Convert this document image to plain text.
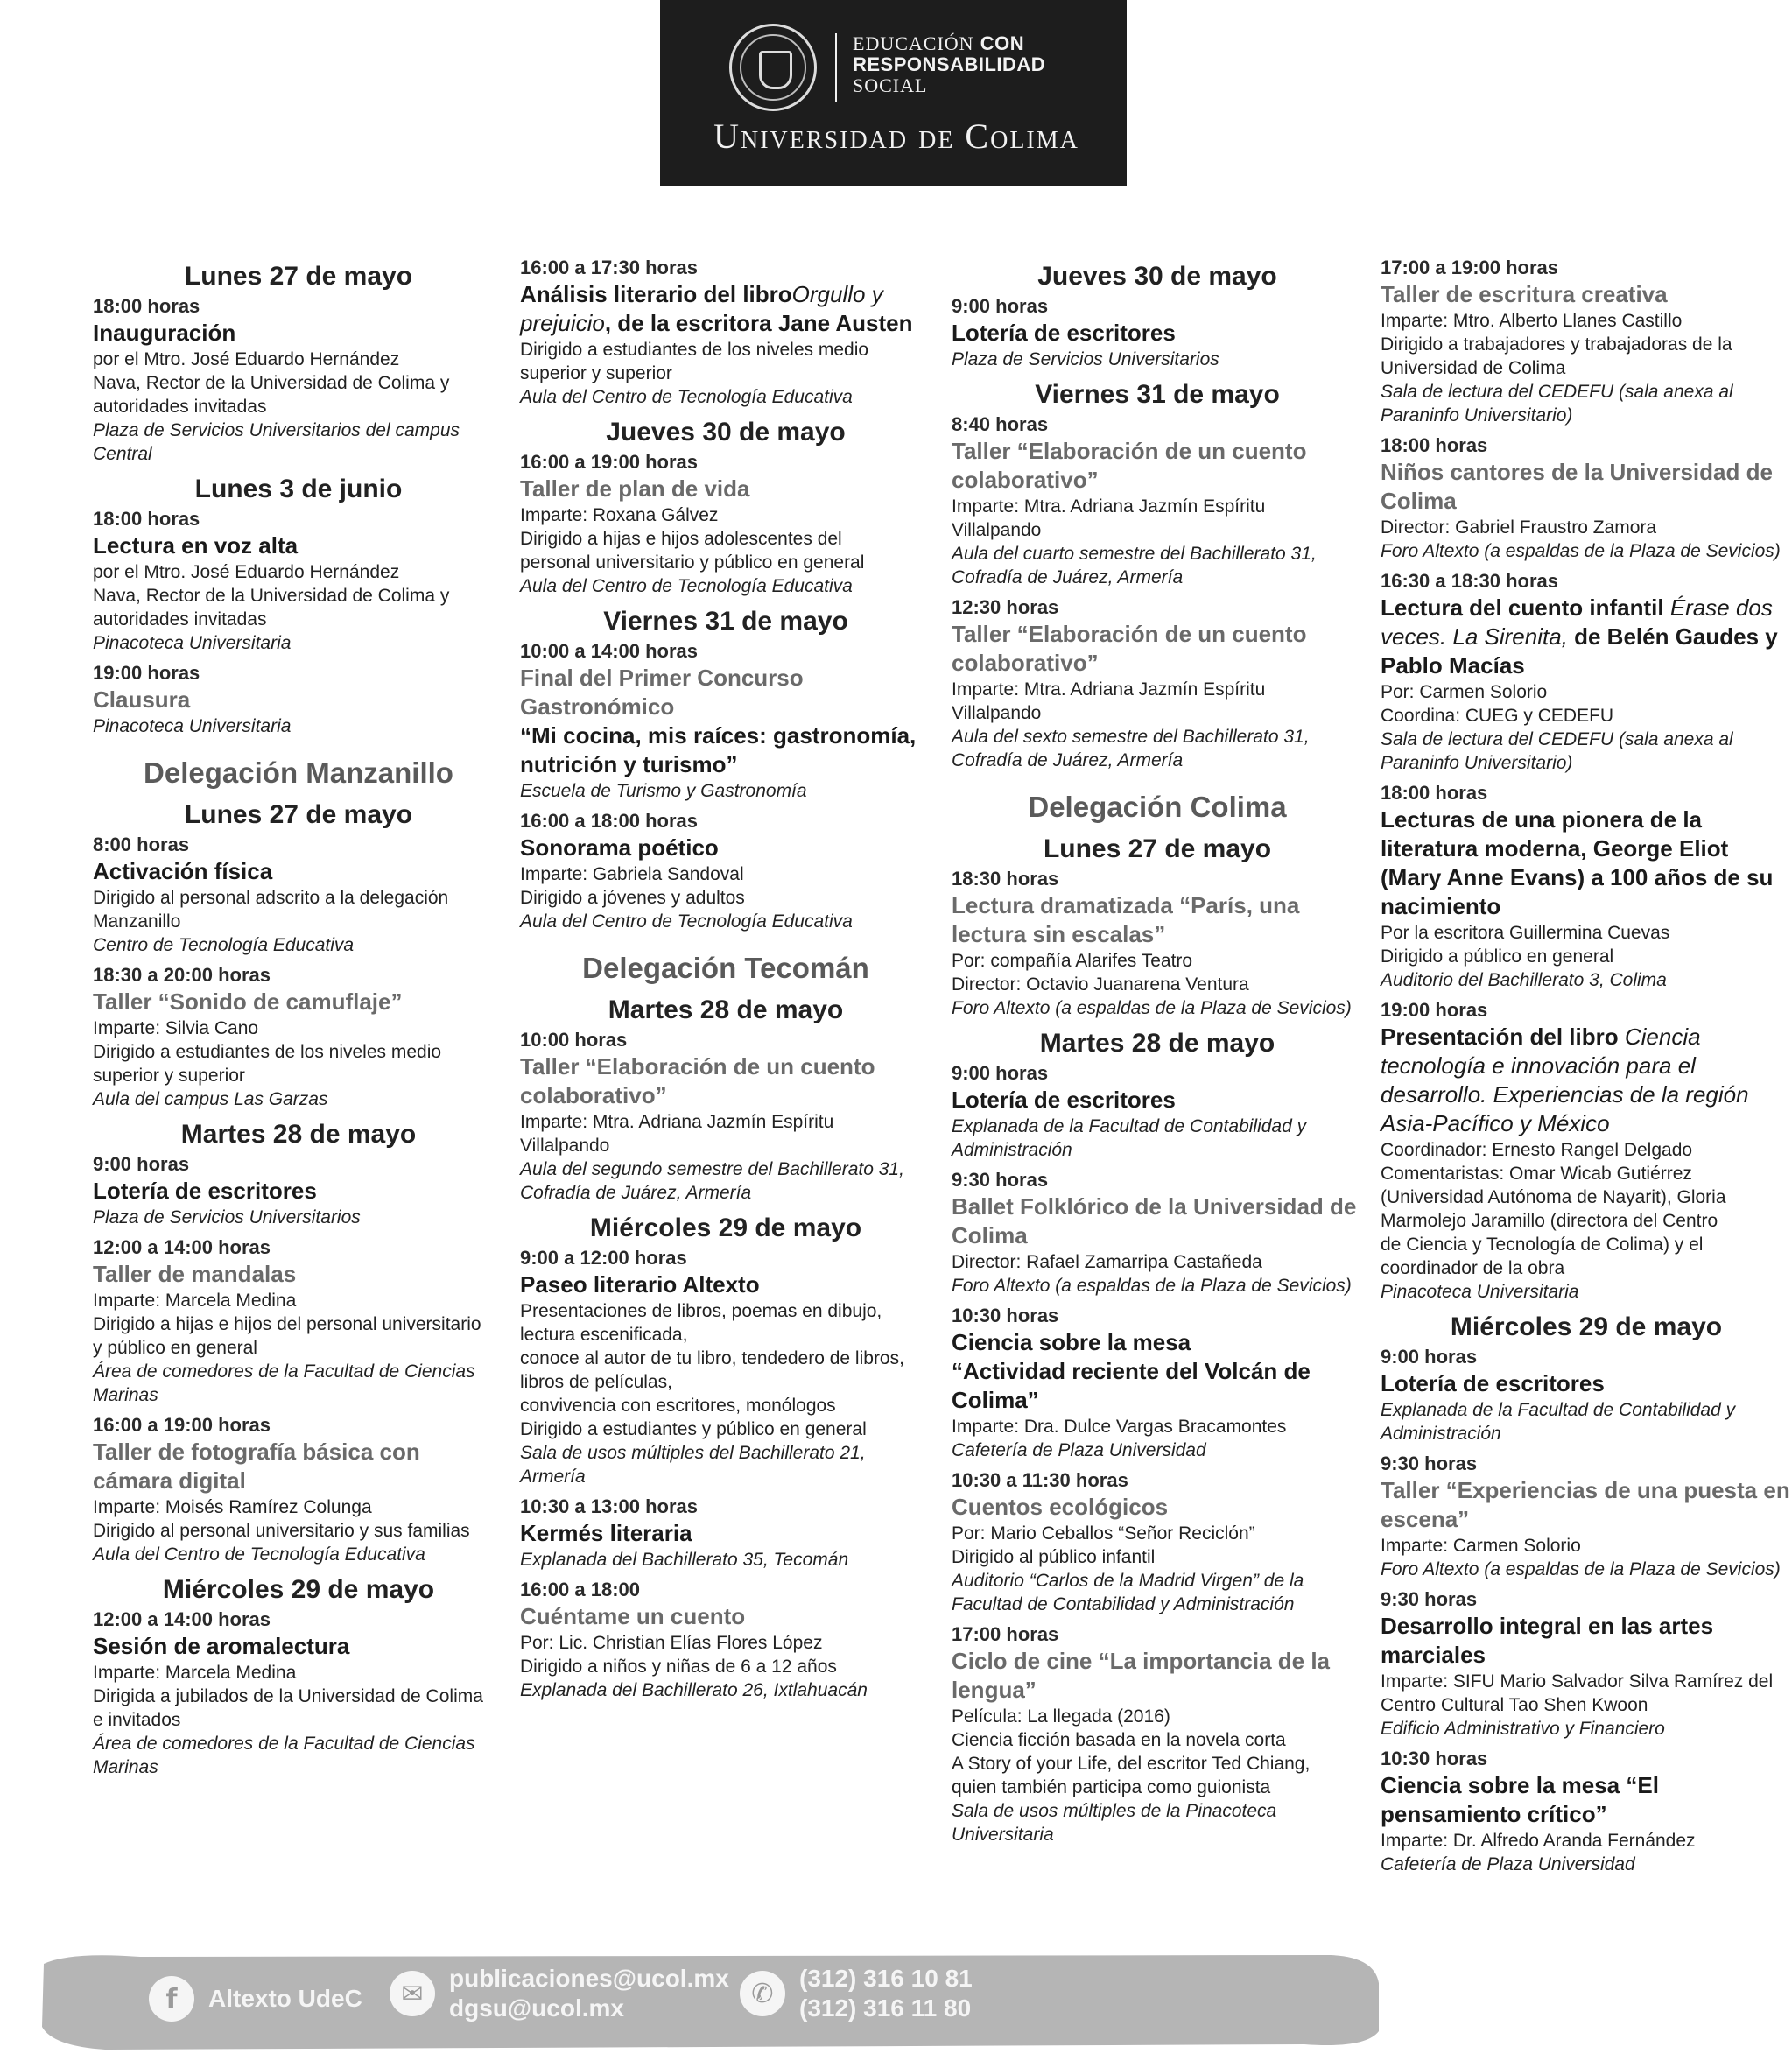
EDUCACIÓN CON
RESPONSABILIDAD
SOCIAL
Universidad de Colima
Lunes 27 de mayo
18:00 horas
Inauguración
por el Mtro. José Eduardo Hernández
Nava, Rector de la Universidad de Colima y
autoridades invitadas
Plaza de Servicios Universitarios del campus
Central
Lunes 3 de junio
18:00 horas
Lectura en voz alta
por el Mtro. José Eduardo Hernández
Nava, Rector de la Universidad de Colima y
autoridades invitadas
Pinacoteca Universitaria
19:00 horas
Clausura
Pinacoteca Universitaria
Delegación Manzanillo
Lunes 27 de mayo
8:00 horas
Activación física
Dirigido al personal adscrito a la delegación
Manzanillo
Centro de Tecnología Educativa
18:30 a 20:00 horas
Taller “Sonido de camuflaje”
Imparte: Silvia Cano
Dirigido a estudiantes de los niveles medio
superior y superior
Aula del campus Las Garzas
Martes 28 de mayo
9:00 horas
Lotería de escritores
Plaza de Servicios Universitarios
12:00 a 14:00 horas
Taller de mandalas
Imparte: Marcela Medina
Dirigido a hijas e hijos del personal universitario
y público en general
Área de comedores de la Facultad de Ciencias
Marinas
16:00 a 19:00 horas
Taller de fotografía básica con cámara digital
Imparte: Moisés Ramírez Colunga
Dirigido al personal universitario y sus familias
Aula del Centro de Tecnología Educativa
Miércoles 29 de mayo
12:00 a 14:00 horas
Sesión de aromalectura
Imparte: Marcela Medina
Dirigida a jubilados de la Universidad de Colima
e invitados
Área de comedores de la Facultad de Ciencias
Marinas
16:00 a 17:30 horas
Análisis literario del libroOrgullo y prejuicio, de la escritora Jane Austen
Dirigido a estudiantes de los niveles medio
superior y superior
Aula del Centro de Tecnología Educativa
Jueves 30 de mayo
16:00 a 19:00 horas
Taller de plan de vida
Imparte: Roxana Gálvez
Dirigido a hijas e hijos adolescentes del
personal universitario y público en general
Aula del Centro de Tecnología Educativa
Viernes 31 de mayo
10:00 a 14:00 horas
Final del Primer Concurso Gastronómico
“Mi cocina, mis raíces: gastronomía, nutrición y turismo”
Escuela de Turismo y Gastronomía
16:00 a 18:00 horas
Sonorama poético
Imparte: Gabriela Sandoval
Dirigido a jóvenes y adultos
Aula del Centro de Tecnología Educativa
Delegación Tecomán
Martes 28 de mayo
10:00 horas
Taller “Elaboración de un cuento colaborativo”
Imparte: Mtra. Adriana Jazmín Espíritu
Villalpando
Aula del segundo semestre del Bachillerato 31,
Cofradía de Juárez, Armería
Miércoles 29 de mayo
9:00 a 12:00 horas
Paseo literario Altexto
Presentaciones de libros, poemas en dibujo,
lectura escenificada,
conoce al autor de tu libro, tendedero de libros,
libros de películas,
convivencia con escritores, monólogos
Dirigido a estudiantes y público en general
Sala de usos múltiples del Bachillerato 21, Armería
10:30 a 13:00 horas
Kermés literaria
Explanada del Bachillerato 35, Tecomán
16:00 a 18:00
Cuéntame un cuento
Por: Lic. Christian Elías Flores López
Dirigido a niños y niñas de 6 a 12 años
Explanada del Bachillerato 26, Ixtlahuacán
Jueves 30 de mayo
9:00 horas
Lotería de escritores
Plaza de Servicios Universitarios
Viernes 31 de mayo
8:40 horas
Taller “Elaboración de un cuento colaborativo”
Imparte: Mtra. Adriana Jazmín Espíritu
Villalpando
Aula del cuarto semestre del Bachillerato 31,
Cofradía de Juárez, Armería
12:30 horas
Taller “Elaboración de un cuento colaborativo”
Imparte: Mtra. Adriana Jazmín Espíritu
Villalpando
Aula del sexto semestre del Bachillerato 31,
Cofradía de Juárez, Armería
Delegación Colima
Lunes 27 de mayo
18:30 horas
Lectura dramatizada “París, una lectura sin escalas”
Por: compañía Alarifes Teatro
Director: Octavio Juanarena Ventura
Foro Altexto (a espaldas de la Plaza de Sevicios)
Martes 28 de mayo
9:00 horas
Lotería de escritores
Explanada de la Facultad de Contabilidad y
Administración
9:30 horas
Ballet Folklórico de la Universidad de Colima
Director: Rafael Zamarripa Castañeda
Foro Altexto (a espaldas de la Plaza de Sevicios)
10:30 horas
Ciencia sobre la mesa
“Actividad reciente del Volcán de Colima”
Imparte: Dra. Dulce Vargas Bracamontes
Cafetería de Plaza Universidad
10:30 a 11:30 horas
Cuentos ecológicos
Por: Mario Ceballos “Señor Reciclón”
Dirigido al público infantil
Auditorio “Carlos de la Madrid Virgen” de la
Facultad de Contabilidad y Administración
17:00 horas
Ciclo de cine “La importancia de la lengua”
Película: La llegada (2016)
Ciencia ficción basada en la novela corta
A Story of your Life, del escritor Ted Chiang,
quien también participa como guionista
Sala de usos múltiples de la Pinacoteca
Universitaria
17:00 a 19:00 horas
Taller de escritura creativa
Imparte: Mtro. Alberto Llanes Castillo
Dirigido a trabajadores y trabajadoras de la
Universidad de Colima
Sala de lectura del CEDEFU (sala anexa al
Paraninfo Universitario)
18:00 horas
Niños cantores de la Universidad de Colima
Director: Gabriel Fraustro Zamora
Foro Altexto (a espaldas de la Plaza de Sevicios)
16:30 a 18:30 horas
Lectura del cuento infantil Érase dos veces. La Sirenita, de Belén Gaudes y Pablo Macías
Por: Carmen Solorio
Coordina: CUEG y CEDEFU
Sala de lectura del CEDEFU (sala anexa al
Paraninfo Universitario)
18:00 horas
Lecturas de una pionera de la literatura moderna, George Eliot (Mary Anne Evans) a 100 años de su nacimiento
Por la escritora Guillermina Cuevas
Dirigido a público en general
Auditorio del Bachillerato 3, Colima
19:00 horas
Presentación del libro Ciencia tecnología e innovación para el desarrollo. Experiencias de la región Asia-Pacífico y México
Coordinador: Ernesto Rangel Delgado
Comentaristas: Omar Wicab Gutiérrez
(Universidad Autónoma de Nayarit), Gloria
Marmolejo Jaramillo (directora del Centro
de Ciencia y Tecnología de Colima) y el
coordinador de la obra
Pinacoteca Universitaria
Miércoles 29 de mayo
9:00 horas
Lotería de escritores
Explanada de la Facultad de Contabilidad y
Administración
9:30 horas
Taller “Experiencias de una puesta en escena”
Imparte: Carmen Solorio
Foro Altexto (a espaldas de la Plaza de Sevicios)
9:30 horas
Desarrollo integral en las artes marciales
Imparte: SIFU Mario Salvador Silva Ramírez del
Centro Cultural Tao Shen Kwoon
Edificio Administrativo y Financiero
10:30 horas
Ciencia sobre la mesa “El pensamiento crítico”
Imparte: Dr. Alfredo Aranda Fernández
Cafetería de Plaza Universidad
f	Altexto UdeC	✉	publicaciones@ucol.mx
dgsu@ucol.mx	✆	(312) 316 10 81
(312) 316 11 80
